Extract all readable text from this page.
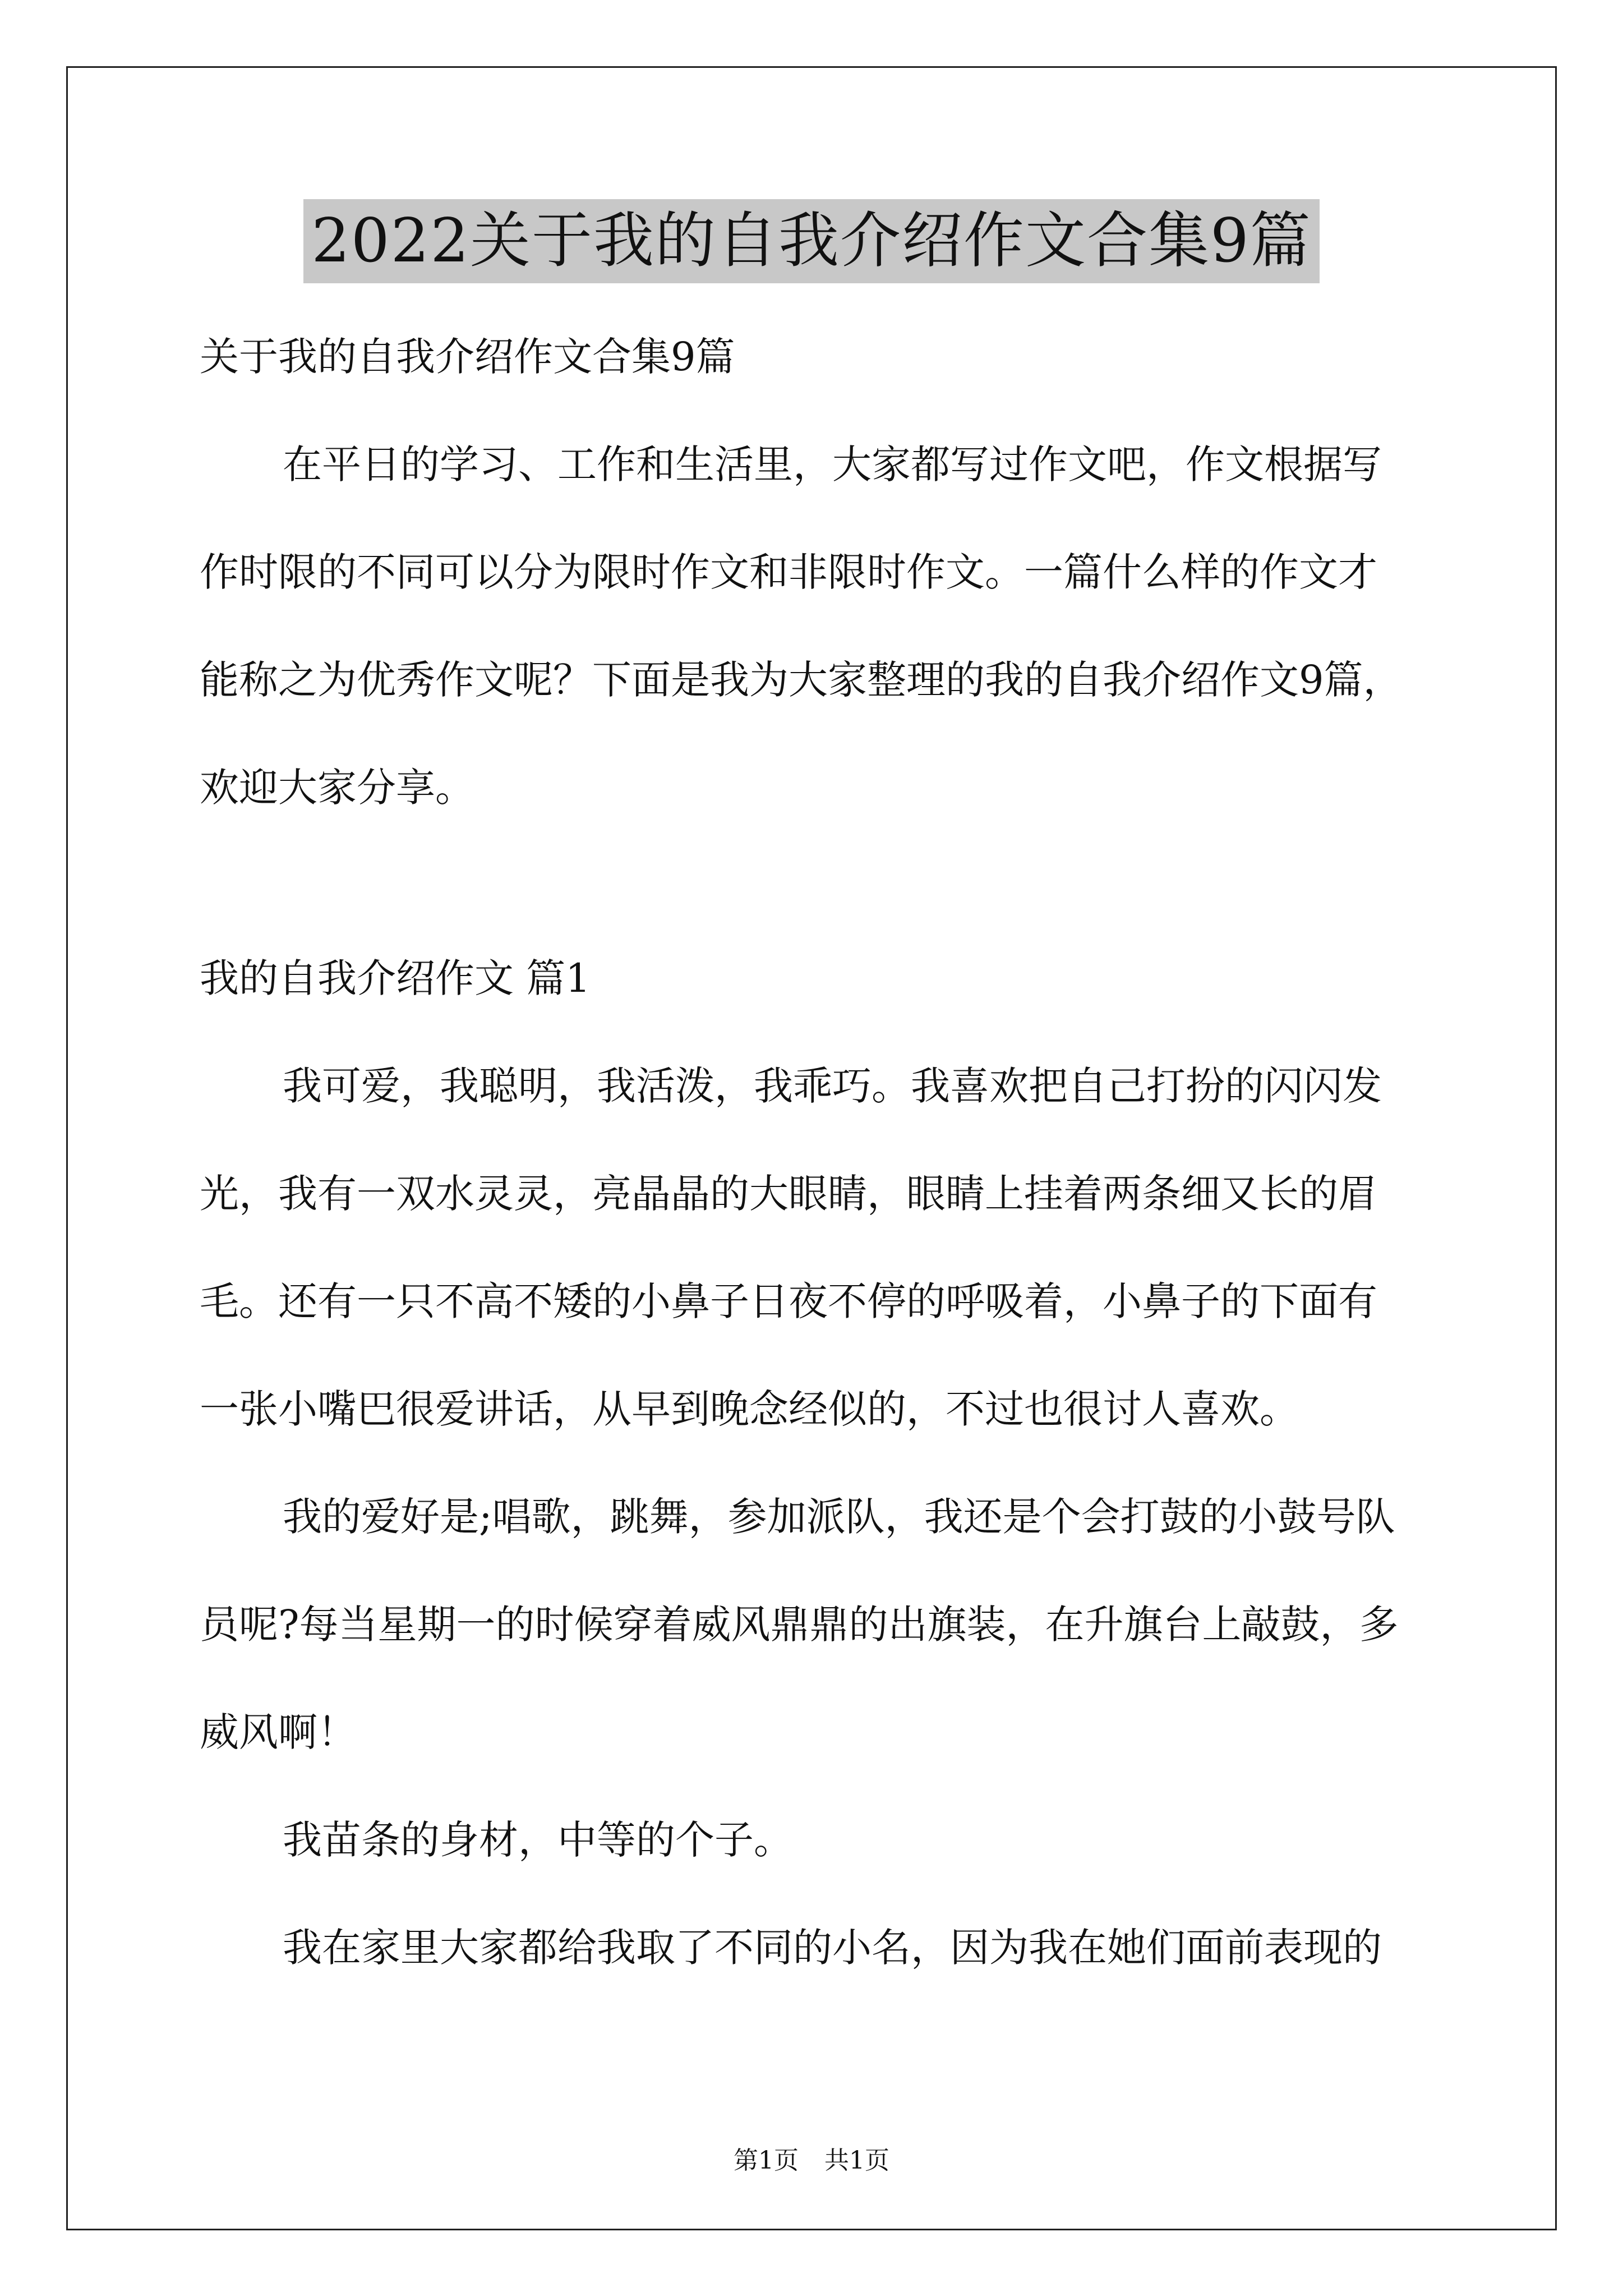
2022关于我的自我介绍作文合集9篇
关于我的自我介绍作文合集9篇
在平日的学习、工作和生活里，大家都写过作文吧，作文根据写
作时限的不同可以分为限时作文和非限时作文。一篇什么样的作文才
能称之为优秀作文呢？下面是我为大家整理的我的自我介绍作文9篇，
欢迎大家分享。
我的自我介绍作文 篇1
我可爱，我聪明，我活泼，我乖巧。我喜欢把自己打扮的闪闪发
光，我有一双水灵灵，亮晶晶的大眼睛，眼睛上挂着两条细又长的眉
毛。还有一只不高不矮的小鼻子日夜不停的呼吸着，小鼻子的下面有
一张小嘴巴很爱讲话，从早到晚念经似的，不过也很讨人喜欢。
我的爱好是;唱歌，跳舞，参加派队，我还是个会打鼓的小鼓号队
员呢?每当星期一的时候穿着威风鼎鼎的出旗装，在升旗台上敲鼓，多
威风啊！
我苗条的身材，中等的个子。
我在家里大家都给我取了不同的小名，因为我在她们面前表现的
第1页 共1页
